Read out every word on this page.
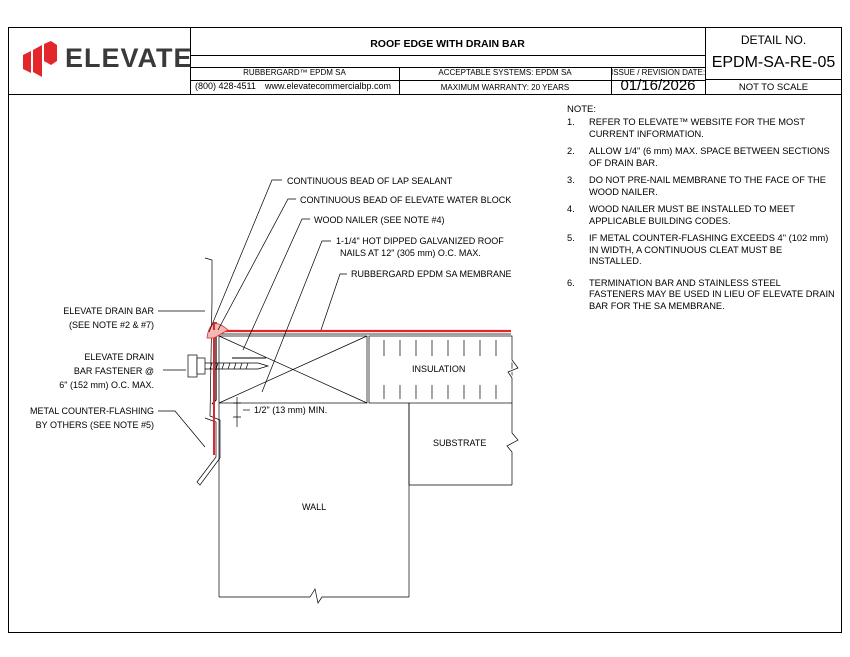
ELEVATE	ROOF EDGE WITH DRAIN BAR
RUBBERGARD™ EPDM SA	ACCEPTABLE SYSTEMS: EPDM SA	ISSUE / REVISION DATE:
(800) 428-4511 www.elevatecommercialbp.com	MAXIMUM WARRANTY: 20 YEARS	01/16/2026
DETAIL NO.
EPDM-SA-RE-05
NOT TO SCALE
NOTE:
1. REFER TO ELEVATE™ WEBSITE FOR THE MOST CURRENT INFORMATION.
2. ALLOW 1/4" (6 mm) MAX. SPACE BETWEEN SECTIONS OF DRAIN BAR.
3. DO NOT PRE-NAIL MEMBRANE TO THE FACE OF THE WOOD NAILER.
4. WOOD NAILER MUST BE INSTALLED TO MEET APPLICABLE BUILDING CODES.
5. IF METAL COUNTER-FLASHING EXCEEDS 4" (102 mm) IN WIDTH, A CONTINUOUS CLEAT MUST BE INSTALLED.
6. TERMINATION BAR AND STAINLESS STEEL FASTENERS MAY BE USED IN LIEU OF ELEVATE DRAIN BAR FOR THE SA MEMBRANE.
CONTINUOUS BEAD OF LAP SEALANT
CONTINUOUS BEAD OF ELEVATE WATER BLOCK
WOOD NAILER (SEE NOTE #4)
1-1/4" HOT DIPPED GALVANIZED ROOF
NAILS AT 12" (305 mm) O.C. MAX.
RUBBERGARD EPDM SA MEMBRANE
ELEVATE DRAIN BAR
(SEE NOTE #2 & #7)
ELEVATE DRAIN
BAR FASTENER @
6" (152 mm) O.C. MAX.
METAL COUNTER-FLASHING
BY OTHERS (SEE NOTE #5)
1/2" (13 mm) MIN.
INSULATION
SUBSTRATE
WALL
